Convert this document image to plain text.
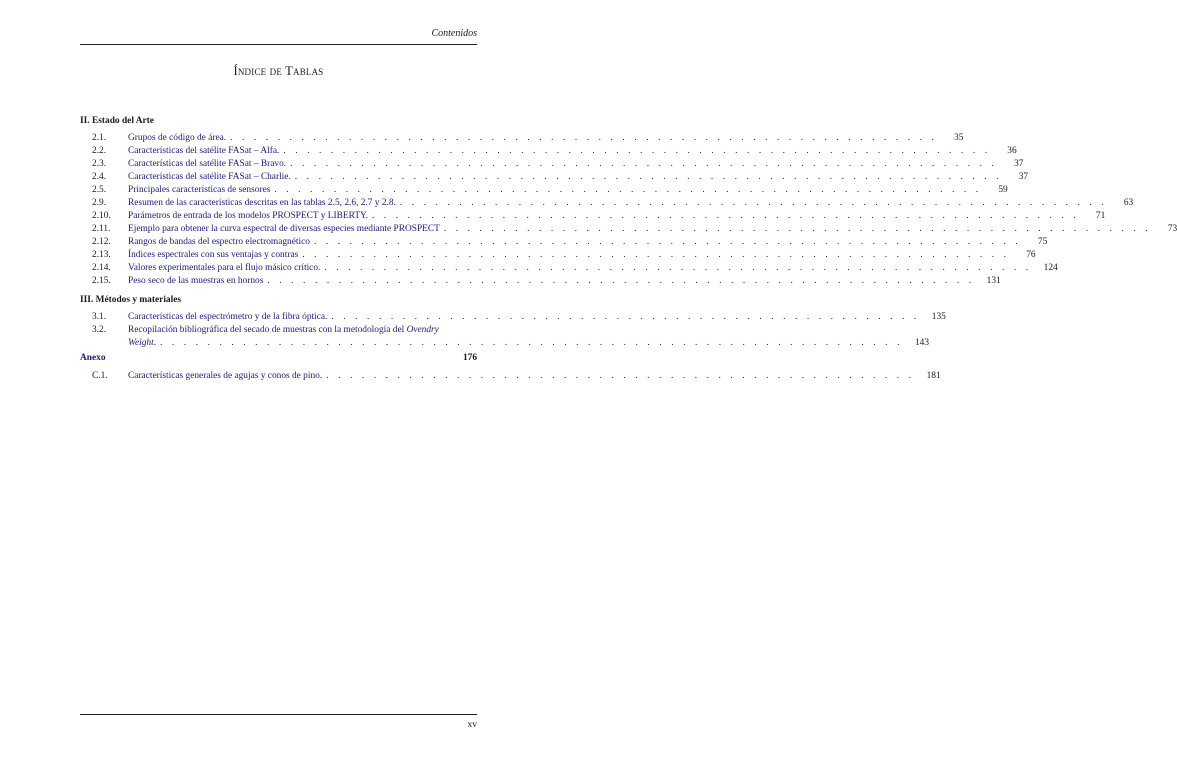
Contenidos
Índice de Tablas
II. Estado del Arte
2.1.	Grupos de código de área. . . . . . . . . . . . . . . . . . . . . . . . . . . . . . . . . . . . . . . . . . . . . . . . . . . . . . . . . . . . .	35
2.2.	Características del satélite FASat – Alfa. . . . . . . . . . . . . . . . . . . . . . . . . . . . . . . . . . . . . . . . . . . . . . . . . . . . . . . . . . . . .	36
2.3.	Características del satélite FASat – Bravo. . . . . . . . . . . . . . . . . . . . . . . . . . . . . . . . . . . . . . . . . . . . . . . . . . . . . . . . . . . . .	37
2.4.	Características del satélite FASat – Charlie. . . . . . . . . . . . . . . . . . . . . . . . . . . . . . . . . . . . . . . . . . . . . . . . . . . . . . . . . . . . .	37
2.5.	Principales características de sensores . . . . . . . . . . . . . . . . . . . . . . . . . . . . . . . . . . . . . . . . . . . . . . . . . . . . . . . . . . . .	59
2.9.	Resumen de las características descritas en las tablas 2.5, 2.6, 2.7 y 2.8. . . . . . . . . . . . . . . . . . . . . . . . . . . . . . . . . . . . . . . . . . . . . . . . . . . . . . . . . . . . .	63
2.10.	Parámetros de entrada de los modelos PROSPECT y LIBERTY. . . . . . . . . . . . . . . . . . . . . . . . . . . . . . . . . . . . . . . . . . . . . . . . . . . . . . . . . . . . .	71
2.11.	Ejemplo para obtener la curva espectral de diversas especies mediante PROSPECT . . . . . . . . . . . . . . . . . . . . . . . . . . . . . . . . . . . . . . . . . . . . . . . . . . . . . . . . . . . .	73
2.12.	Rangos de bandas del espectro electromagnético . . . . . . . . . . . . . . . . . . . . . . . . . . . . . . . . . . . . . . . . . . . . . . . . . . . . . . . . . . . .	75
2.13.	Índices espectrales con sus ventajas y contras . . . . . . . . . . . . . . . . . . . . . . . . . . . . . . . . . . . . . . . . . . . . . . . . . . . . . . . . . . . .	76
2.14.	Valores experimentales para el flujo másico crítico. . . . . . . . . . . . . . . . . . . . . . . . . . . . . . . . . . . . . . . . . . . . . . . . . . . . . . . . . . . . .	124
2.15.	Peso seco de las muestras en hornos . . . . . . . . . . . . . . . . . . . . . . . . . . . . . . . . . . . . . . . . . . . . . . . . . . . . . . . . . . . .	131
III. Métodos y materiales
3.1.	Características del espectrómetro y de la fibra óptica. . . . . . . . . . . . . . . . . . . . . . . . . . . . . . . . . . . . . . . . . . . . . . . . . . .	135
3.2.	Recopilación bibliográfica del secado de muestras con la metodología del Ovendry
Weight. . . . . . . . . . . . . . . . . . . . . . . . . . . . . . . . . . . . . . . . . . . . . . . . . . . . . . . . . . . . . . . .	143
Anexo	176
C.1.	Características generales de agujas y conos de pino. . . . . . . . . . . . . . . . . . . . . . . . . . . . . . . . . . . . . . . . . . . . . . . . . . .	181
xv
